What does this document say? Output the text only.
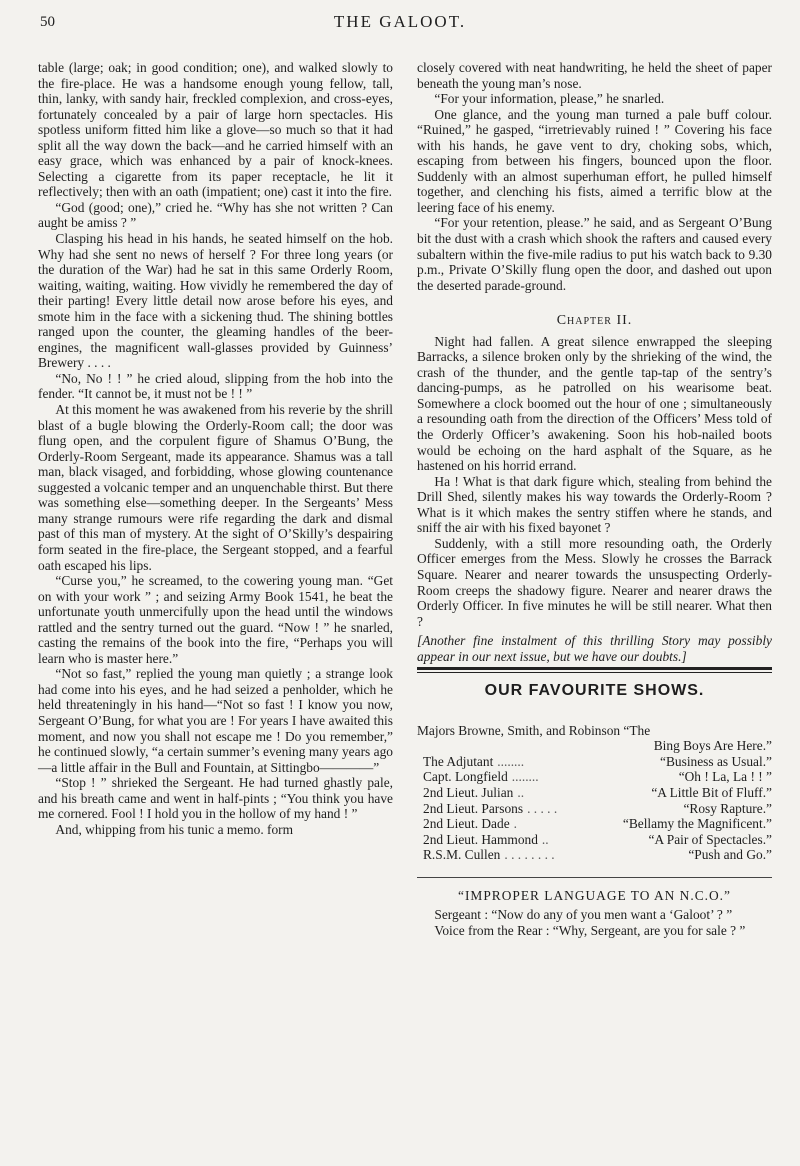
50	THE GALOOT.

table (large; oak; in good condition; one), and walked slowly to the fire-place. He was a handsome enough young fellow, tall, thin, lanky, with sandy hair, freckled complexion, and cross-eyes, fortunately concealed by a pair of large horn spectacles. His spotless uniform fitted him like a glove—so much so that it had split all the way down the back—and he carried himself with an easy grace, which was enhanced by a pair of knock-knees. Selecting a cigarette from its paper receptacle, he lit it reflectively; then with an oath (impatient; one) cast it into the fire.

“God (good; one),” cried he. “Why has she not written ? Can aught be amiss ? ”

Clasping his head in his hands, he seated himself on the hob. Why had she sent no news of herself ? For three long years (or the duration of the War) had he sat in this same Orderly Room, waiting, waiting, waiting. How vividly he remembered the day of their parting! Every little detail now arose before his eyes, and smote him in the face with a sickening thud. The shining bottles ranged upon the counter, the gleaming handles of the beer-engines, the magnificent wall-glasses provided by Guinness’ Brewery . . . .

“No, No ! ! ” he cried aloud, slipping from the hob into the fender. “It cannot be, it must not be ! ! ”

At this moment he was awakened from his reverie by the shrill blast of a bugle blowing the Orderly-Room call; the door was flung open, and the corpulent figure of Shamus O’Bung, the Orderly-Room Sergeant, made its appearance. Shamus was a tall man, black visaged, and forbidding, whose glowing countenance suggested a volcanic temper and an unquenchable thirst. But there was something else—something deeper. In the Sergeants’ Mess many strange rumours were rife regarding the dark and dismal past of this man of mystery. At the sight of O’Skilly’s despairing form seated in the fire-place, the Sergeant stopped, and a fearful oath escaped his lips.

“Curse you,” he screamed, to the cowering young man. “Get on with your work ” ; and seizing Army Book 1541, he beat the unfortunate youth unmercifully upon the head until the windows rattled and the sentry turned out the guard. “Now ! ” he snarled, casting the remains of the book into the fire, “Perhaps you will learn who is master here.”

“Not so fast,” replied the young man quietly ; a strange look had come into his eyes, and he had seized a penholder, which he held threateningly in his hand—“Not so fast ! I know you now, Sergeant O’Bung, for what you are ! For years I have awaited this moment, and now you shall not escape me ! Do you remember,” he continued slowly, “a certain summer’s evening many years ago—a little affair in the Bull and Fountain, at Sittingbo————”

“Stop ! ” shrieked the Sergeant. He had turned ghastly pale, and his breath came and went in half-pints ; “You think you have me cornered. Fool ! I hold you in the hollow of my hand ! ”

And, whipping from his tunic a memo. form

closely covered with neat handwriting, he held the sheet of paper beneath the young man’s nose.

“For your information, please,” he snarled.

One glance, and the young man turned a pale buff colour. “Ruined,” he gasped, “irretrievably ruined ! ” Covering his face with his hands, he gave vent to dry, choking sobs, which, escaping from between his fingers, bounced upon the floor. Suddenly with an almost superhuman effort, he pulled himself together, and clenching his fists, aimed a terrific blow at the leering face of his enemy.

“For your retention, please.” he said, and as Sergeant O’Bung bit the dust with a crash which shook the rafters and caused every subaltern within the five-mile radius to put his watch back to 9.30 p.m., Private O’Skilly flung open the door, and dashed out upon the deserted parade-ground.

Chapter II.

Night had fallen. A great silence enwrapped the sleeping Barracks, a silence broken only by the shrieking of the wind, the crash of the thunder, and the gentle tap-tap of the sentry’s dancing-pumps, as he patrolled on his wearisome beat. Somewhere a clock boomed out the hour of one ; simultaneously a resounding oath from the direction of the Officers’ Mess told of the Orderly Officer’s awakening. Soon his hob-nailed boots would be echoing on the hard asphalt of the Square, as he hastened on his horrid errand.

Ha ! What is that dark figure which, stealing from behind the Drill Shed, silently makes his way towards the Orderly-Room ? What is it which makes the sentry stiffen where he stands, and sniff the air with his fixed bayonet ?

Suddenly, with a still more resounding oath, the Orderly Officer emerges from the Mess. Slowly he crosses the Barrack Square. Nearer and nearer towards the unsuspecting Orderly-Room creeps the shadowy figure. Nearer and nearer draws the Orderly Officer. In five minutes he will be still nearer. What then ?

[Another fine instalment of this thrilling Story may possibly appear in our next issue, but we have our doubts.]

OUR FAVOURITE SHOWS.

Majors Browne, Smith, and Robinson “The

Bing Boys Are Here.”

The Adjutant ........	“Business as Usual.”
Capt. Longfield ........	“Oh ! La, La ! ! ”
2nd Lieut. Julian ..	“A Little Bit of Fluff.”
2nd Lieut. Parsons . . . . .	“Rosy Rapture.”
2nd Lieut. Dade .	“Bellamy the Magnificent.”
2nd Lieut. Hammond ..	“A Pair of Spectacles.”
R.S.M. Cullen . . . . . . . .	“Push and Go.”

“IMPROPER LANGUAGE TO AN N.C.O.”

Sergeant : “Now do any of you men want a ‘Galoot’ ? ”

Voice from the Rear : “Why, Sergeant, are you for sale ? ”
